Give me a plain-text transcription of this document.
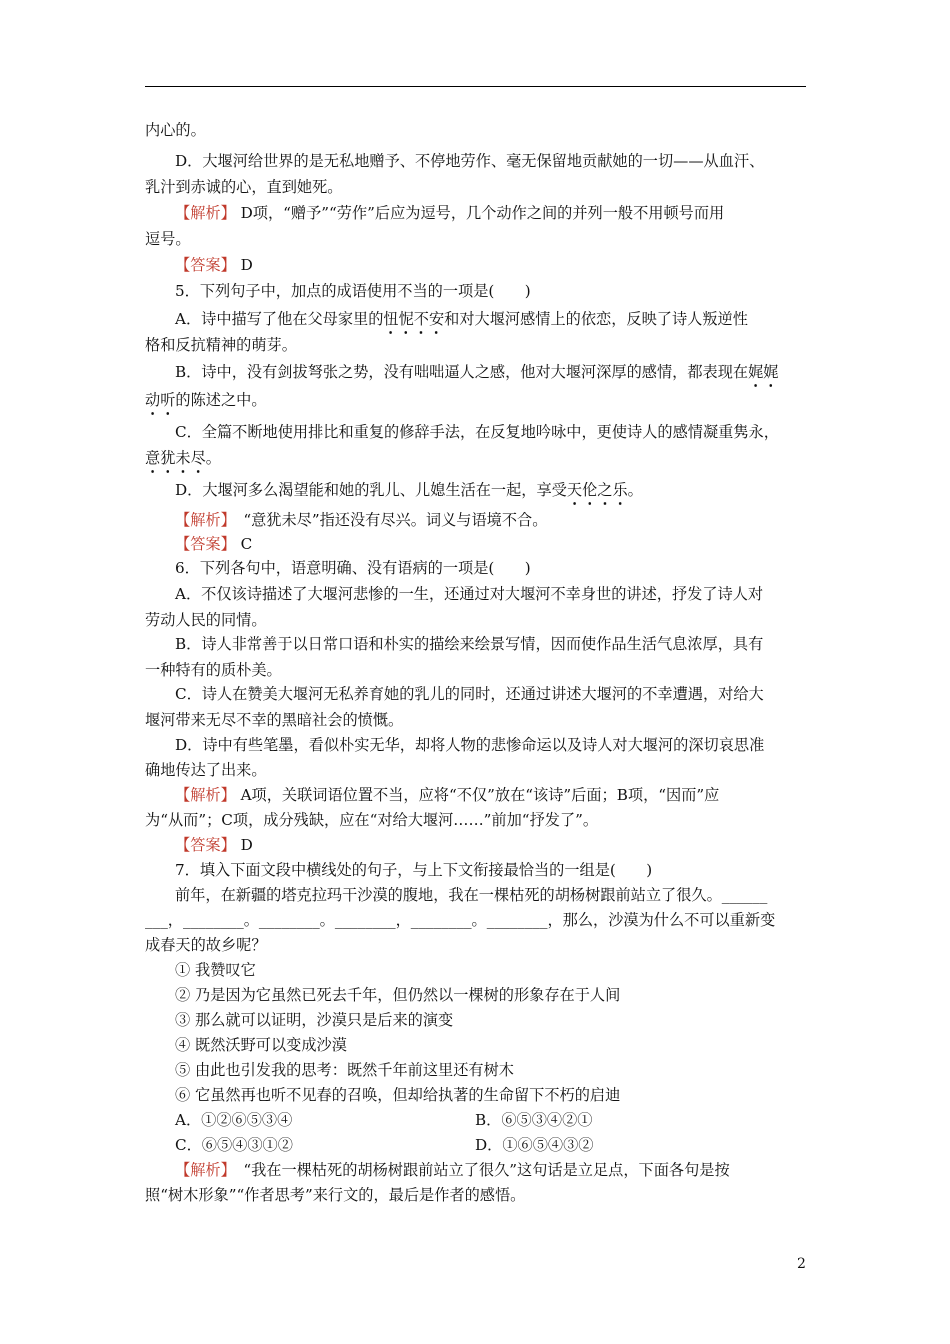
内心的。
D．大堰河给世界的是无私地赠予、不停地劳作、毫无保留地贡献她的一切——从血汗、
乳汁到赤诚的心，直到她死。
【解析】 D项，“赠予”“劳作”后应为逗号，几个动作之间的并列一般不用顿号而用
逗号。
【答案】 D
5．下列句子中，加点的成语使用不当的一项是(　　)
A．诗中描写了他在父母家里的忸怩不安和对大堰河感情上的依恋，反映了诗人叛逆性
格和反抗精神的萌芽。
B．诗中，没有剑拔弩张之势，没有咄咄逼人之感，他对大堰河深厚的感情，都表现在娓娓
动听的陈述之中。
C．全篇不断地使用排比和重复的修辞手法，在反复地吟咏中，更使诗人的感情凝重隽永，
意犹未尽。
D．大堰河多么渴望能和她的乳儿、儿媳生活在一起，享受天伦之乐。
【解析】　“意犹未尽”指还没有尽兴。词义与语境不合。
【答案】 C
6．下列各句中，语意明确、没有语病的一项是(　　)
A．不仅该诗描述了大堰河悲惨的一生，还通过对大堰河不幸身世的讲述，抒发了诗人对
劳动人民的同情。
B．诗人非常善于以日常口语和朴实的描绘来绘景写情，因而使作品生活气息浓厚，具有
一种特有的质朴美。
C．诗人在赞美大堰河无私养育她的乳儿的同时，还通过讲述大堰河的不幸遭遇，对给大
堰河带来无尽不幸的黑暗社会的愤慨。
D．诗中有些笔墨，看似朴实无华，却将人物的悲惨命运以及诗人对大堰河的深切哀思准
确地传达了出来。
【解析】 A项，关联词语位置不当，应将“不仅”放在“该诗”后面；B项，“因而”应
为“从而”；C项，成分残缺，应在“对给大堰河……”前加“抒发了”。
【答案】 D
7．填入下面文段中横线处的句子，与上下文衔接最恰当的一组是(　　)
前年，在新疆的塔克拉玛干沙漠的腹地，我在一棵枯死的胡杨树跟前站立了很久。______
___，________。________。________，________。________，那么，沙漠为什么不可以重新变
成春天的故乡呢？
① 我赞叹它
② 乃是因为它虽然已死去千年，但仍然以一棵树的形象存在于人间
③ 那么就可以证明，沙漠只是后来的演变
④ 既然沃野可以变成沙漠
⑤ 由此也引发我的思考：既然千年前这里还有树木
⑥ 它虽然再也听不见春的召唤，但却给执著的生命留下不朽的启迪
A．①②⑥⑤③④	B．⑥⑤③④②①
C．⑥⑤④③①②	D．①⑥⑤④③②
【解析】　“我在一棵枯死的胡杨树跟前站立了很久”这句话是立足点，下面各句是按
照“树木形象”“作者思考”来行文的，最后是作者的感悟。
2
